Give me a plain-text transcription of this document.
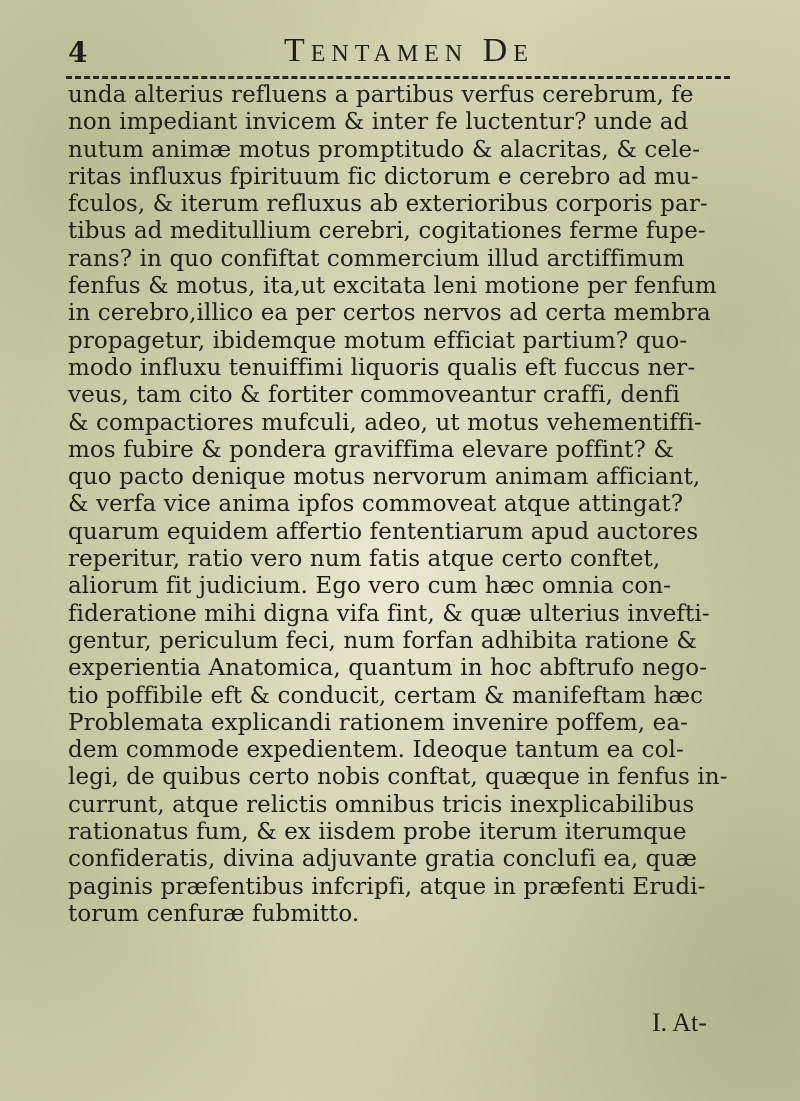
4	Tentamen De
unda alterius refluens a partibus verfus cerebrum, fe
non impediant invicem & inter fe luctentur? unde ad
nutum animæ motus promptitudo & alacritas, & cele-
ritas influxus fpirituum fic dictorum e cerebro ad mu-
fculos, & iterum refluxus ab exterioribus corporis par-
tibus ad meditullium cerebri, cogitationes ferme fupe-
rans? in quo confiftat commercium illud arctiffimum
fenfus & motus, ita,ut excitata leni motione per fenfum
in cerebro,illico ea per certos nervos ad certa membra
propagetur, ibidemque motum efficiat partium? quo-
modo influxu tenuiffimi liquoris qualis eft fuccus ner-
veus, tam cito & fortiter commoveantur craffi, denfi
& compactiores mufculi, adeo, ut motus vehementiffi-
mos fubire & pondera graviffima elevare poffint? &
quo pacto denique motus nervorum animam afficiant,
& verfa vice anima ipfos commoveat atque attingat?
quarum equidem affertio fententiarum apud auctores
reperitur, ratio vero num fatis atque certo conftet,
aliorum fit judicium. Ego vero cum hæc omnia con-
fideratione mihi digna vifa fint, & quæ ulterius invefti-
gentur, periculum feci, num forfan adhibita ratione &
experientia Anatomica, quantum in hoc abftrufo nego-
tio poffibile eft & conducit, certam & manifeftam hæc
Problemata explicandi rationem invenire poffem, ea-
dem commode expedientem. Ideoque tantum ea col-
legi, de quibus certo nobis conftat, quæque in fenfus in-
currunt, atque relictis omnibus tricis inexplicabilibus
rationatus fum, & ex iisdem probe iterum iterumque
confideratis, divina adjuvante gratia conclufi ea, quæ
paginis præfentibus infcripfi, atque in præfenti Erudi-
torum cenfuræ fubmitto.
I. At-
